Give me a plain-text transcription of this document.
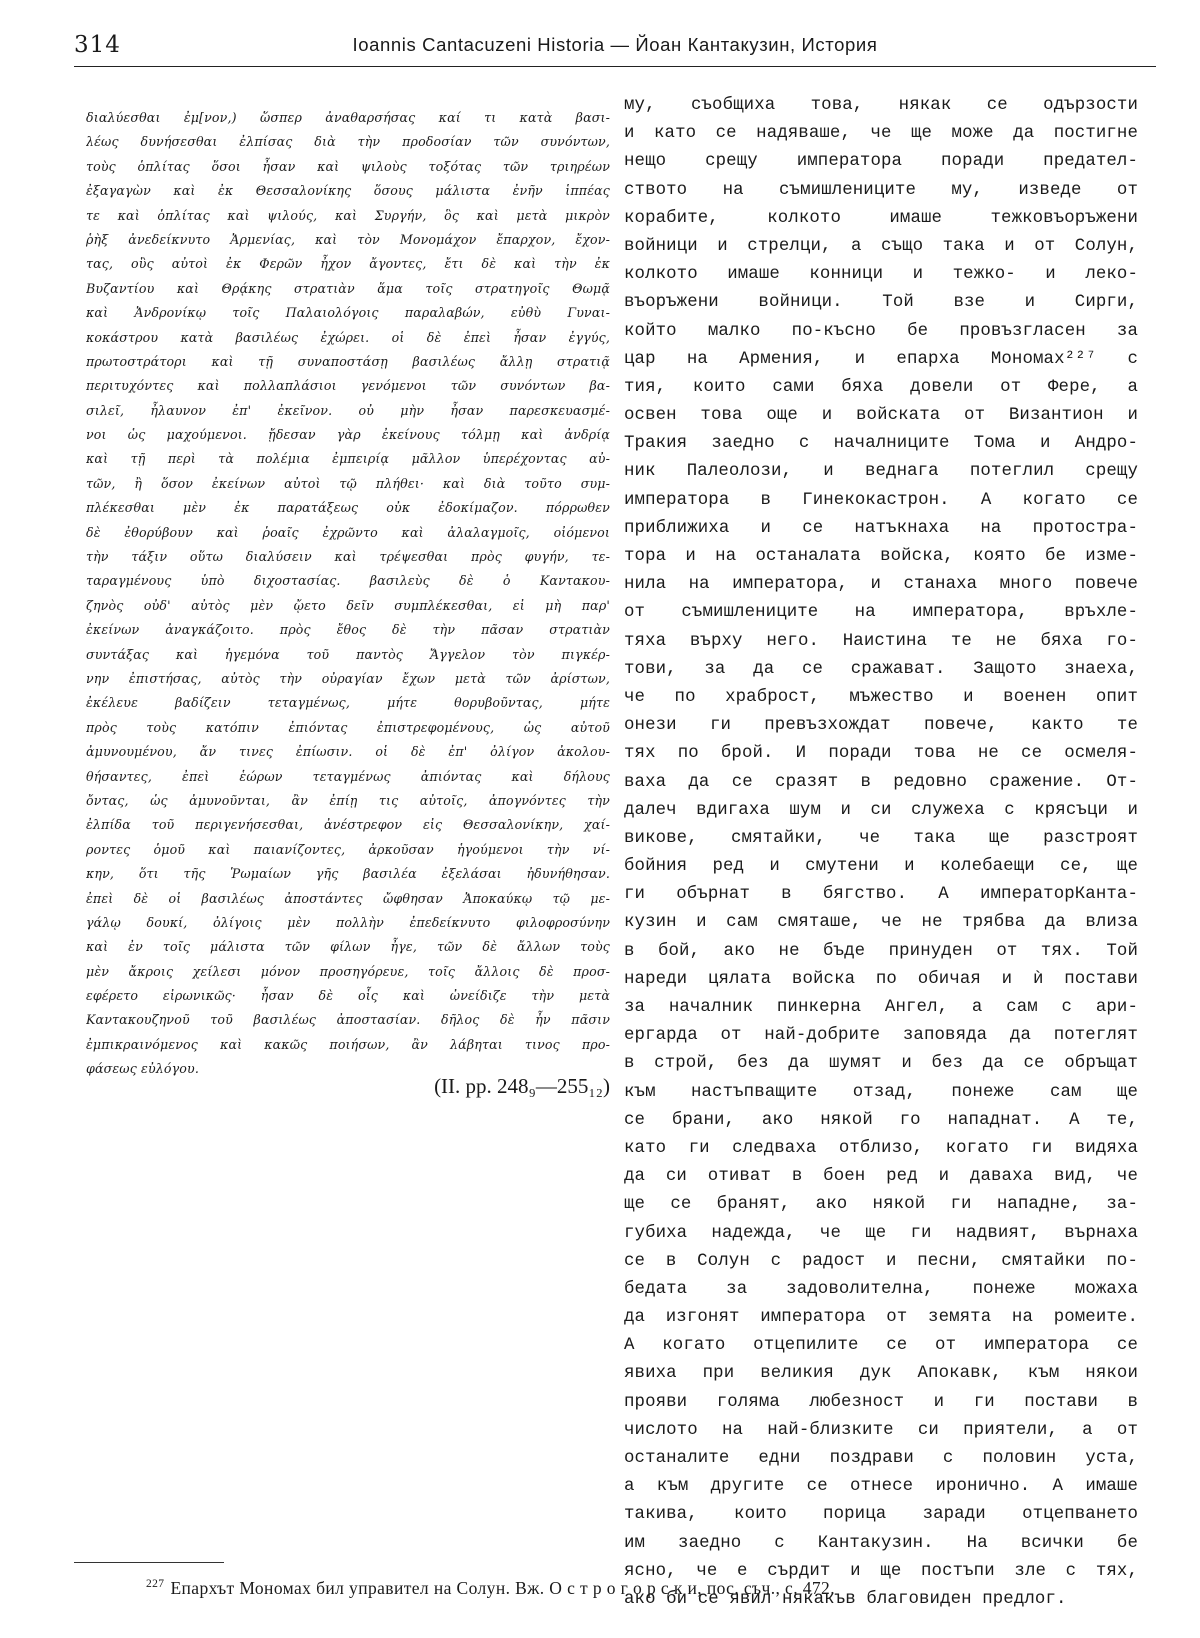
314	Ioannis Cantacuzeni Historia — Йоан Кантакузин, История
διαλύεσθαι ἐμ[νον,) ὥσπερ ἀναθαρσήσας καί τι κατὰ βασι-
λέως δυνήσεσθαι ἐλπίσας διὰ τὴν προδοσίαν τῶν συνόντων,
τοὺς ὁπλίτας ὅσοι ἦσαν καὶ ψιλοὺς τοξότας τῶν τριηρέων
ἐξαγαγὼν καὶ ἐκ Θεσσαλονίκης ὅσους μάλιστα ἐνῆν ἱππέας
τε καὶ ὁπλίτας καὶ ψιλούς, καὶ Συργήν, ὃς καὶ μετὰ μικρὸν
ῥὴξ ἀνεδείκνυτο Ἀρμενίας, καὶ τὸν Μονομάχον ἔπαρχον, ἔχον-
τας, οὓς αὐτοὶ ἐκ Φερῶν ἦχον ἄγοντες, ἔτι δὲ καὶ τὴν ἐκ
Βυζαντίου καὶ Θρᾴκης στρατιὰν ἅμα τοῖς στρατηγοῖς Θωμᾷ
καὶ Ἀνδρονίκῳ τοῖς Παλαιολόγοις παραλαβών, εὐθὺ Γυναι-
κοκάστρου κατὰ βασιλέως ἐχώρει. οἱ δὲ ἐπεὶ ἦσαν ἐγγύς,
πρωτοστράτορι καὶ τῇ συναποστάσῃ βασιλέως ἄλλῃ στρατιᾷ
περιτυχόντες καὶ πολλαπλάσιοι γενόμενοι τῶν συνόντων βα-
σιλεῖ, ἦλαυνον ἐπ' ἐκεῖνον. οὐ μὴν ἦσαν παρεσκευασμέ-
νοι ὡς μαχούμενοι. ᾔδεσαν γὰρ ἐκείνους τόλμῃ καὶ ἀνδρίᾳ
καὶ τῇ περὶ τὰ πολέμια ἐμπειρίᾳ μᾶλλον ὑπερέχοντας αὐ-
τῶν, ἢ ὅσον ἐκείνων αὐτοὶ τῷ πλήθει· καὶ διὰ τοῦτο συμ-
πλέκεσθαι μὲν ἐκ παρατάξεως οὐκ ἐδοκίμαζον. πόρρωθεν
δὲ ἐθορύβουν καὶ ῥοαῖς ἐχρῶντο καὶ ἀλαλαγμοῖς, οἰόμενοι
τὴν τάξιν οὕτω διαλύσειν καὶ τρέψεσθαι πρὸς φυγήν, τε-
ταραγμένους ὑπὸ διχοστασίας. βασιλεὺς δὲ ὁ Καντακου-
ζηνὸς οὐδ' αὐτὸς μὲν ᾤετο δεῖν συμπλέκεσθαι, εἰ μὴ παρ'
ἐκείνων ἀναγκάζοιτο. πρὸς ἔθος δὲ τὴν πᾶσαν στρατιὰν
συντάξας καὶ ἡγεμόνα τοῦ παντὸς Ἄγγελον τὸν πιγκέρ-
νην ἐπιστήσας, αὐτὸς τὴν οὐραγίαν ἔχων μετὰ τῶν ἀρίστων,
ἐκέλευε βαδίζειν τεταγμένως, μήτε θορυβοῦντας, μήτε
πρὸς τοὺς κατόπιν ἐπιόντας ἐπιστρεφομένους, ὡς αὐτοῦ
ἀμυνουμένου, ἄν τινες ἐπίωσιν. οἱ δὲ ἐπ' ὀλίγον ἀκολου-
θήσαντες, ἐπεὶ ἑώρων τεταγμένως ἀπιόντας καὶ δήλους
ὄντας, ὡς ἀμυνοῦνται, ἂν ἐπίῃ τις αὐτοῖς, ἀπογνόντες τὴν
ἐλπίδα τοῦ περιγενήσεσθαι, ἀνέστρεφον εἰς Θεσσαλονίκην, χαί-
ροντες ὁμοῦ καὶ παιανίζοντες, ἀρκοῦσαν ἡγούμενοι τὴν νί-
κην, ὅτι τῆς Ῥωμαίων γῆς βασιλέα ἐξελάσαι ἠδυνήθησαν.
ἐπεὶ δὲ οἱ βασιλέως ἀποστάντες ὤφθησαν Ἀποκαύκῳ τῷ με-
γάλῳ δουκί, ὀλίγοις μὲν πολλὴν ἐπεδείκνυτο φιλοφροσύνην
καὶ ἐν τοῖς μάλιστα τῶν φίλων ἦγε, τῶν δὲ ἄλλων τοὺς
μὲν ἄκροις χείλεσι μόνον προσηγόρευε, τοῖς ἄλλοις δὲ προσ-
εφέρετο εἰρωνικῶς· ἦσαν δὲ οἷς καὶ ὠνείδιζε τὴν μετὰ
Καντακουζηνοῦ τοῦ βασιλέως ἀποστασίαν. δῆλος δὲ ἦν πᾶσιν
ἐμπικραινόμενος καὶ κακῶς ποιήσων, ἂν λάβηται τινος προ-
φάσεως εὐλόγου.
(II. pp. 248₉—255₁₂)
му, съобщиха това, някак се одързости
и като се надяваше, че ще може да постигне
нещо срещу императора поради предател-
ството на съмишлениците му, изведе от
корабите, колкото имаше тежковъоръжени
войници и стрелци, а също така и от Солун,
колкото имаше конници и тежко- и леко-
въоръжени войници. Той взе и Сирги,
който малко по-късно бе провъзгласен за
цар на Армения, и епарха Мономах²²⁷ с
тия, които сами бяха довели от Фере, а
освен това още и войската от Византион и
Тракия заедно с началниците Тома и Андро-
ник Палеолози, и веднага потеглил срещу
императора в Гинекокастрон. А когато се
приближиха и се натъкнаха на протостра-
тора и на останалата войска, която бе изме-
нила на императора, и станаха много повече
от съмишлениците на императора, връхле-
тяха върху него. Наистина те не бяха го-
тови, за да се сражават. Защото знаеха,
че по храброст, мъжество и военен опит
онези ги превъзхождат повече, както те
тях по брой. И поради това не се осмеля-
ваха да се сразят в редовно сражение. От-
далеч вдигаха шум и си служеха с крясъци и
викове, смятайки, че така ще разстроят
бойния ред и смутени и колебаещи се, ще
ги обърнат в бягство. А императорКанта-
кузин и сам смяташе, че не трябва да влиза
в бой, ако не бъде принуден от тях. Той
нареди цялата войска по обичая и ѝ постави
за началник пинкерна Ангел, а сам с ари-
ергарда от най-добрите заповяда да потеглят
в строй, без да шумят и без да се обръщат
към настъпващите отзад, понеже сам ще
се брани, ако някой го нападнат. А те,
като ги следваха отблизо, когато ги видяха
да си отиват в боен ред и даваха вид, че
ще се бранят, ако някой ги нападне, за-
губиха надежда, че ще ги надвият, върнаха
се в Солун с радост и песни, смятайки по-
бедата за задоволителна, понеже можаха
да изгонят императора от земята на ромеите.
А когато отцепилите се от императора се
явиха при великия дук Апокавк, към някои
прояви голяма любезност и ги постави в
числото на най-близките си приятели, а от
останалите едни поздрави с половин уста,
а към другите се отнесе иронично. А имаше
такива, които порица заради отцепването
им заедно с Кантакузин. На всички бе
ясно, че е сърдит и ще постъпи зле с тях,
ако би се явил някакъв благовиден предлог.
$^{227}$ Епархът Мономах бил управител на Солун. Вж. О с т р о г о р с к и, пос. съч., с. 472.
